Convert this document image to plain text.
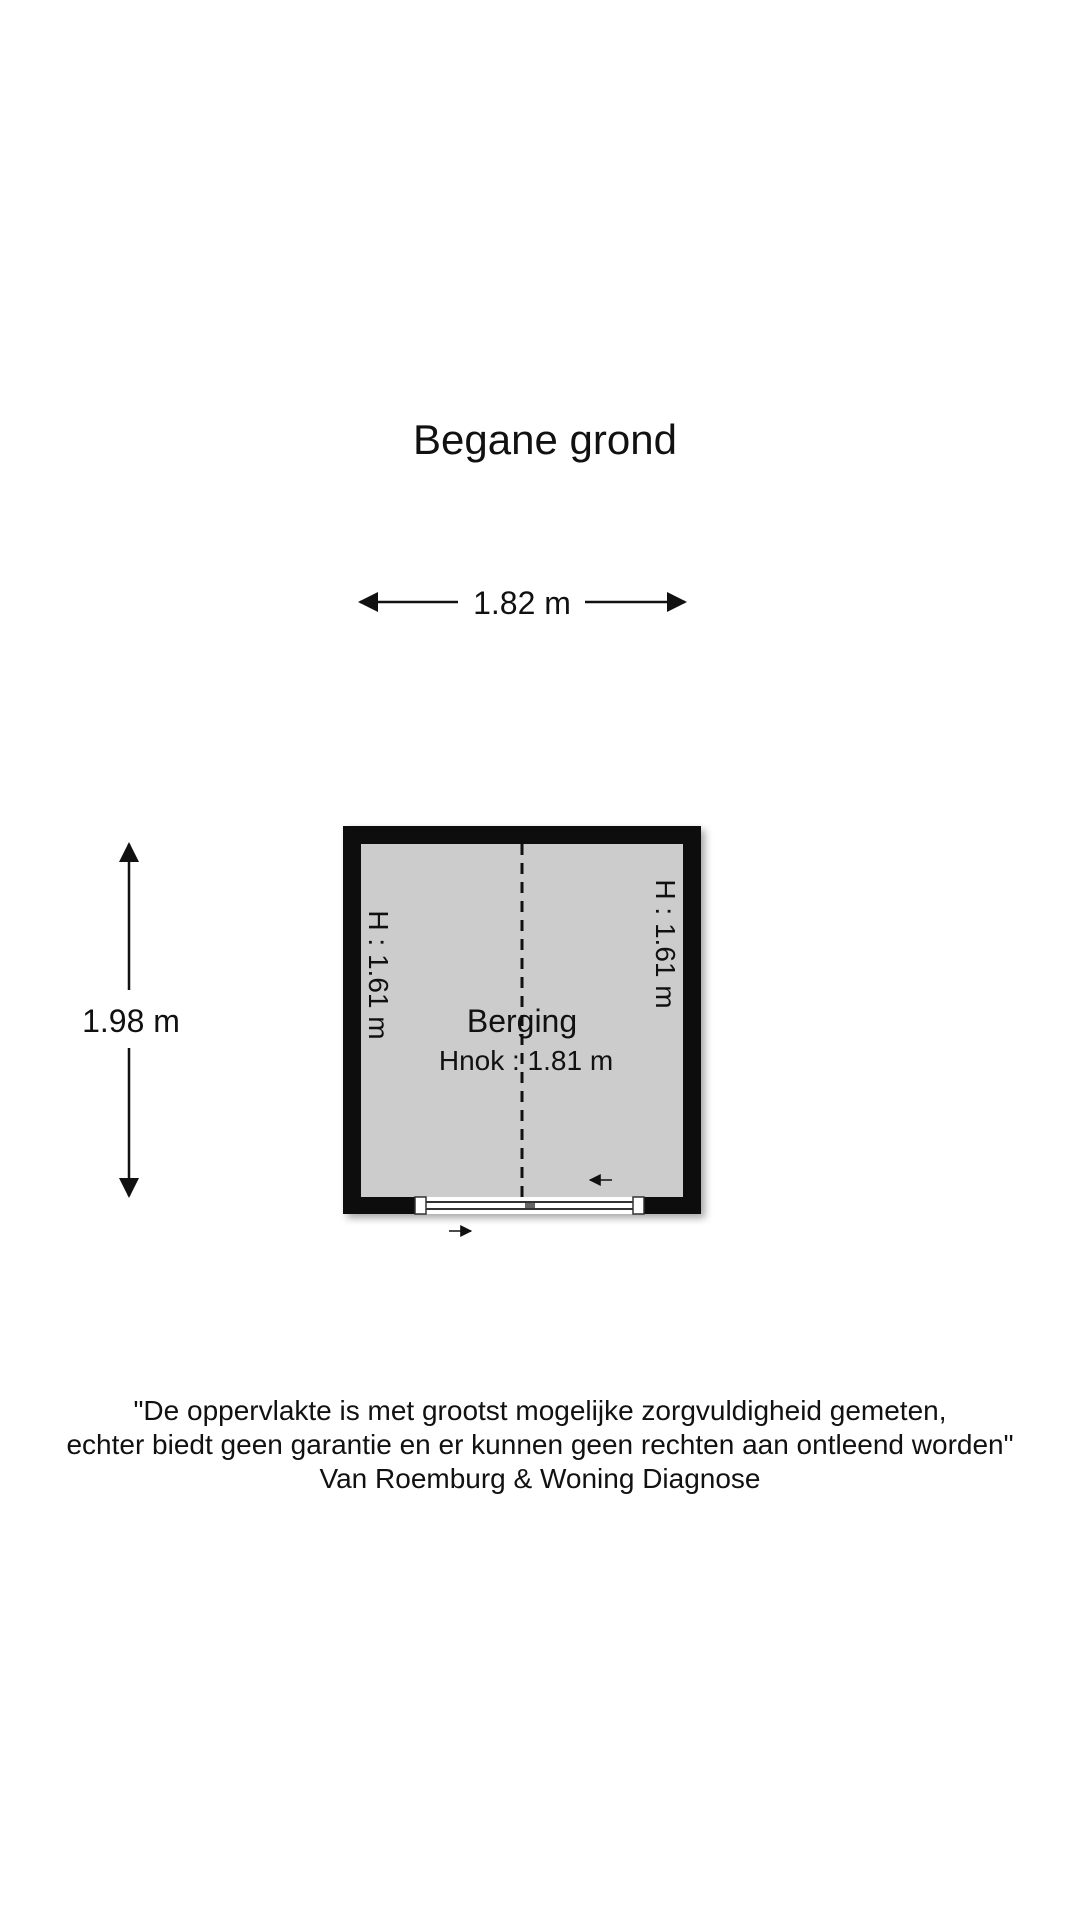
Begane grond
1.82 m
1.98 m	H : 1.61 m	H : 1.61 m
Berging
Hnok : 1.81 m
"De oppervlakte is met grootst mogelijke zorgvuldigheid gemeten,
echter biedt geen garantie en er kunnen geen rechten aan ontleend worden"
Van Roemburg & Woning Diagnose
